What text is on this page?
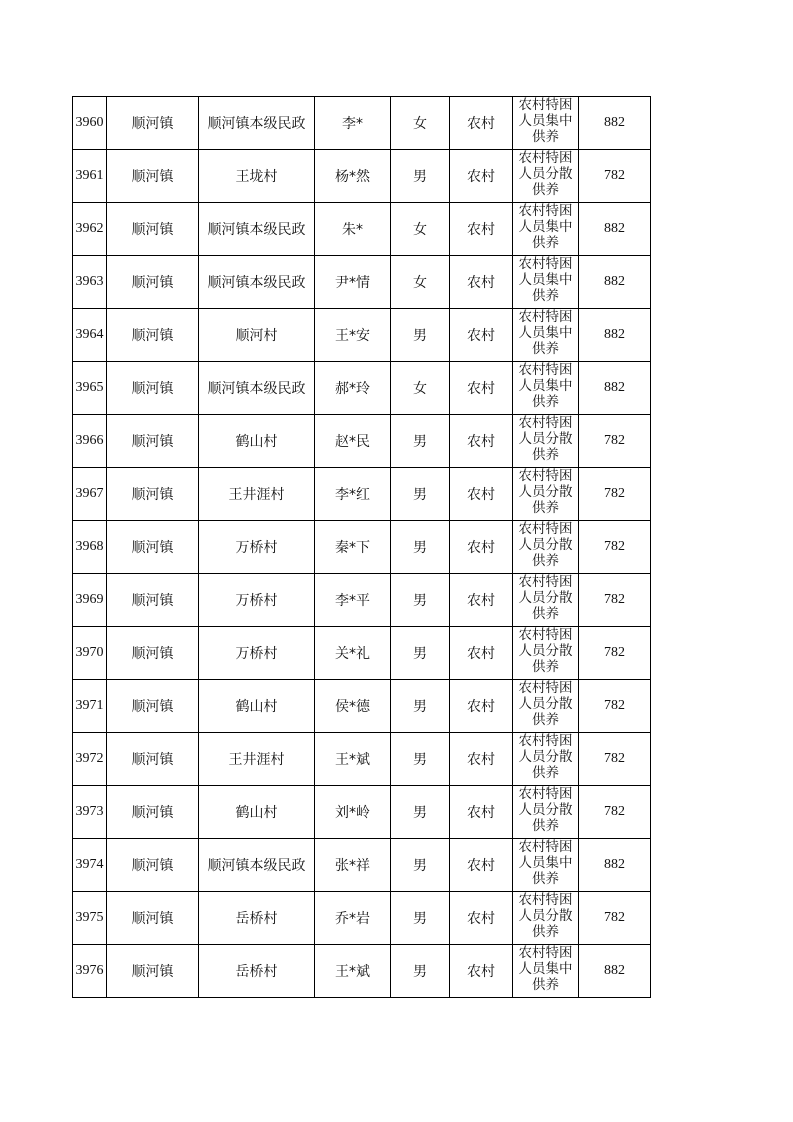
3960	顺河镇	顺河镇本级民政	李*	女	农村	农村特困人员集中供养	882
3961	顺河镇	王垅村	杨*然	男	农村	农村特困人员分散供养	782
3962	顺河镇	顺河镇本级民政	朱*	女	农村	农村特困人员集中供养	882
3963	顺河镇	顺河镇本级民政	尹*情	女	农村	农村特困人员集中供养	882
3964	顺河镇	顺河村	王*安	男	农村	农村特困人员集中供养	882
3965	顺河镇	顺河镇本级民政	郝*玲	女	农村	农村特困人员集中供养	882
3966	顺河镇	鹤山村	赵*民	男	农村	农村特困人员分散供养	782
3967	顺河镇	王井涯村	李*红	男	农村	农村特困人员分散供养	782
3968	顺河镇	万桥村	秦*下	男	农村	农村特困人员分散供养	782
3969	顺河镇	万桥村	李*平	男	农村	农村特困人员分散供养	782
3970	顺河镇	万桥村	关*礼	男	农村	农村特困人员分散供养	782
3971	顺河镇	鹤山村	侯*德	男	农村	农村特困人员分散供养	782
3972	顺河镇	王井涯村	王*斌	男	农村	农村特困人员分散供养	782
3973	顺河镇	鹤山村	刘*岭	男	农村	农村特困人员分散供养	782
3974	顺河镇	顺河镇本级民政	张*祥	男	农村	农村特困人员集中供养	882
3975	顺河镇	岳桥村	乔*岩	男	农村	农村特困人员分散供养	782
3976	顺河镇	岳桥村	王*斌	男	农村	农村特困人员集中供养	882
